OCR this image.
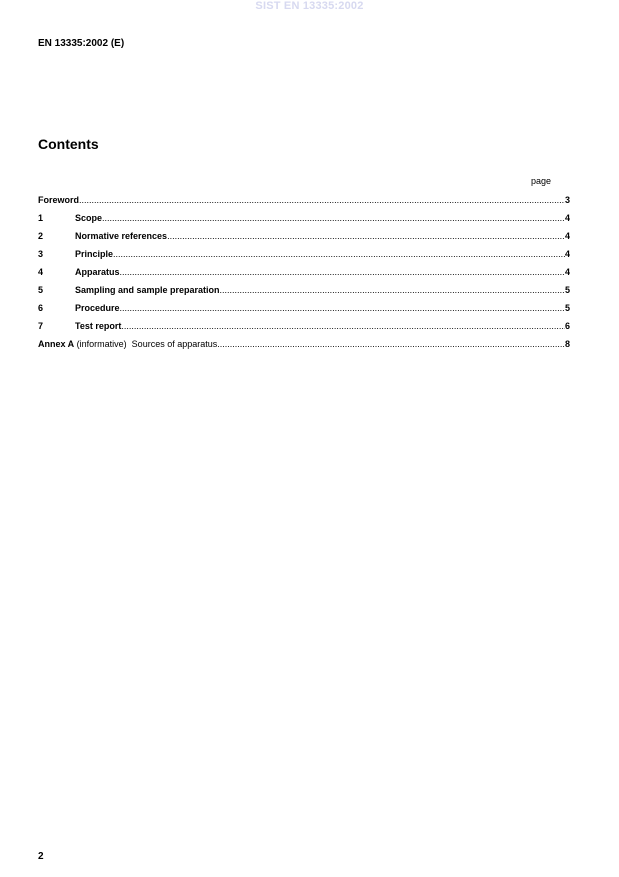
SIST EN 13335:2002
EN 13335:2002 (E)
Contents
page
Foreword .....	3
1	Scope .....	4
2	Normative references .....	4
3	Principle .....	4
4	Apparatus .....	4
5	Sampling and sample preparation .....	5
6	Procedure .....	5
7	Test report .....	6
Annex A (informative)  Sources of apparatus .....	8
2
